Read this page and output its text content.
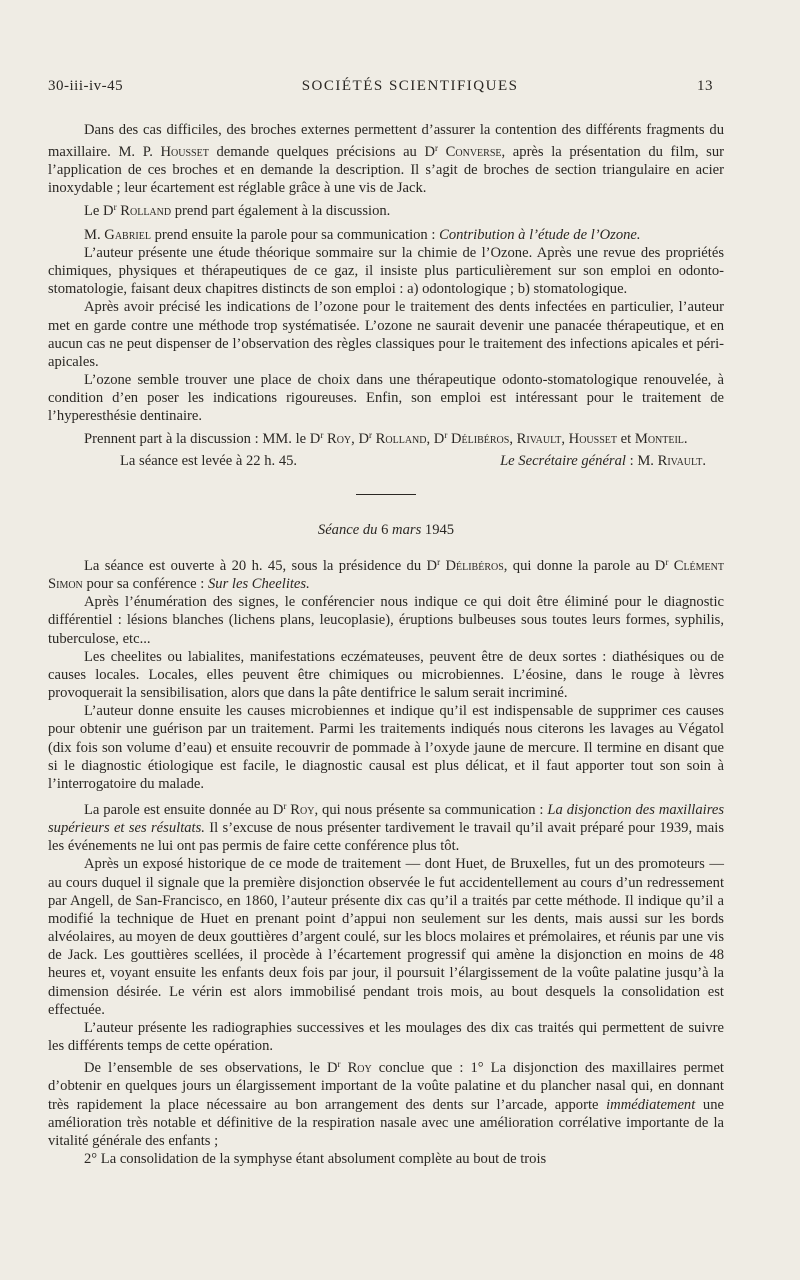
30-iii-iv-45	SOCIÉTÉS SCIENTIFIQUES	13

Dans des cas difficiles, des broches externes permettent d’assurer la contention des différents fragments du maxillaire. M. P. Housset demande quelques précisions au $D^r$ Converse, après la présentation du film, sur l’application de ces broches et en demande la description. Il s’agit de broches de section triangulaire en acier inoxydable ; leur écartement est réglable grâce à une vis de Jack.

Le $D^r$ Rolland prend part également à la discussion.

M. Gabriel prend ensuite la parole pour sa communication : Contribution à l’étude de l’Ozone.

L’auteur présente une étude théorique sommaire sur la chimie de l’Ozone. Après une revue des propriétés chimiques, physiques et thérapeutiques de ce gaz, il insiste plus particulièrement sur son emploi en odonto-stomatologie, faisant deux chapitres distincts de son emploi : a) odontologique ; b) stomatologique.

Après avoir précisé les indications de l’ozone pour le traitement des dents infectées en particulier, l’auteur met en garde contre une méthode trop systématisée. L’ozone ne saurait devenir une panacée thérapeutique, et en aucun cas ne peut dispenser de l’observation des règles classiques pour le traitement des infections apicales et péri-apicales.

L’ozone semble trouver une place de choix dans une thérapeutique odonto-stomatologique renouvelée, à condition d’en poser les indications rigoureuses. Enfin, son emploi est intéressant pour le traitement de l’hyperesthésie dentinaire.

Prennent part à la discussion : MM. le $D^r$ Roy, $D^r$ Rolland, $D^r$ Délibéros, Rivault, Housset et Monteil.

La séance est levée à 22 h. 45.	Le Secrétaire général : M. Rivault.

Séance du 6 mars 1945

La séance est ouverte à 20 h. 45, sous la présidence du $D^r$ Délibéros, qui donne la parole au $D^r$ Clément Simon pour sa conférence : Sur les Cheelites.

Après l’énumération des signes, le conférencier nous indique ce qui doit être éliminé pour le diagnostic différentiel : lésions blanches (lichens plans, leucoplasie), éruptions bulbeuses sous toutes leurs formes, syphilis, tuberculose, etc...

Les cheelites ou labialites, manifestations eczémateuses, peuvent être de deux sortes : diathésiques ou de causes locales. Locales, elles peuvent être chimiques ou microbiennes. L’éosine, dans le rouge à lèvres provoquerait la sensibilisation, alors que dans la pâte dentifrice le salum serait incriminé.

L’auteur donne ensuite les causes microbiennes et indique qu’il est indispensable de supprimer ces causes pour obtenir une guérison par un traitement. Parmi les traitements indiqués nous citerons les lavages au Végatol (dix fois son volume d’eau) et ensuite recouvrir de pommade à l’oxyde jaune de mercure. Il termine en disant que si le diagnostic étiologique est facile, le diagnostic causal est plus délicat, et il faut apporter tout son soin à l’interrogatoire du malade.

La parole est ensuite donnée au $D^r$ Roy, qui nous présente sa communication : La disjonction des maxillaires supérieurs et ses résultats. Il s’excuse de nous présenter tardivement le travail qu’il avait préparé pour 1939, mais les événements ne lui ont pas permis de faire cette conférence plus tôt.

Après un exposé historique de ce mode de traitement — dont Huet, de Bruxelles, fut un des promoteurs — au cours duquel il signale que la première disjonction observée le fut accidentellement au cours d’un redressement par Angell, de San-Francisco, en 1860, l’auteur présente dix cas qu’il a traités par cette méthode. Il indique qu’il a modifié la technique de Huet en prenant point d’appui non seulement sur les dents, mais aussi sur les bords alvéolaires, au moyen de deux gouttières d’argent coulé, sur les blocs molaires et prémolaires, et réunis par une vis de Jack. Les gouttières scellées, il procède à l’écartement progressif qui amène la disjonction en moins de 48 heures et, voyant ensuite les enfants deux fois par jour, il poursuit l’élargissement de la voûte palatine jusqu’à la dimension désirée. Le vérin est alors immobilisé pendant trois mois, au bout desquels la consolidation est effectuée.

L’auteur présente les radiographies successives et les moulages des dix cas traités qui permettent de suivre les différents temps de cette opération.

De l’ensemble de ses observations, le $D^r$ Roy conclue que : 1° La disjonction des maxillaires permet d’obtenir en quelques jours un élargissement important de la voûte palatine et du plancher nasal qui, en donnant très rapidement la place nécessaire au bon arrangement des dents sur l’arcade, apporte immédiatement une amélioration très notable et définitive de la respiration nasale avec une amélioration corrélative importante de la vitalité générale des enfants ;

2° La consolidation de la symphyse étant absolument complète au bout de trois
